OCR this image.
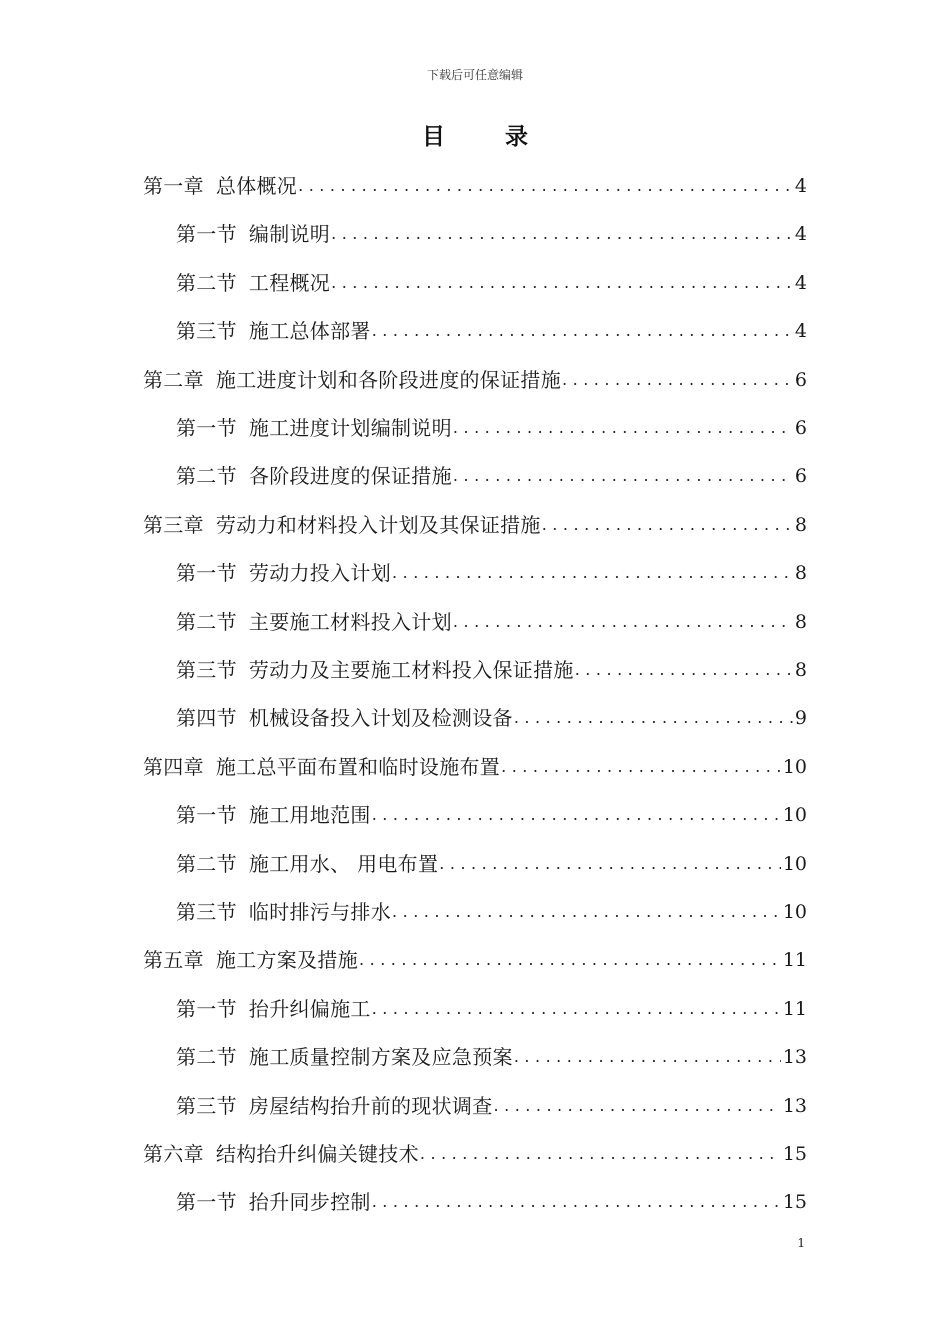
下载后可任意编辑
目 录
第一章 总体概况 .....	4
第一节 编制说明 .....	4
第二节 工程概况 .....	4
第三节 施工总体部署 .....	4
第二章 施工进度计划和各阶段进度的保证措施 .....	6
第一节 施工进度计划编制说明 .....	6
第二节 各阶段进度的保证措施 .....	6
第三章 劳动力和材料投入计划及其保证措施 .....	8
第一节 劳动力投入计划 .....	8
第二节 主要施工材料投入计划 .....	8
第三节 劳动力及主要施工材料投入保证措施 .....	8
第四节 机械设备投入计划及检测设备 .....	9
第四章 施工总平面布置和临时设施布置 .....	10
第一节 施工用地范围 .....	10
第二节 施工用水、 用电布置 .....	10
第三节 临时排污与排水 .....	10
第五章 施工方案及措施 .....	11
第一节 抬升纠偏施工 .....	11
第二节 施工质量控制方案及应急预案 .....	13
第三节 房屋结构抬升前的现状调查 .....	13
第六章 结构抬升纠偏关键技术 .....	15
第一节 抬升同步控制 .....	15
1
